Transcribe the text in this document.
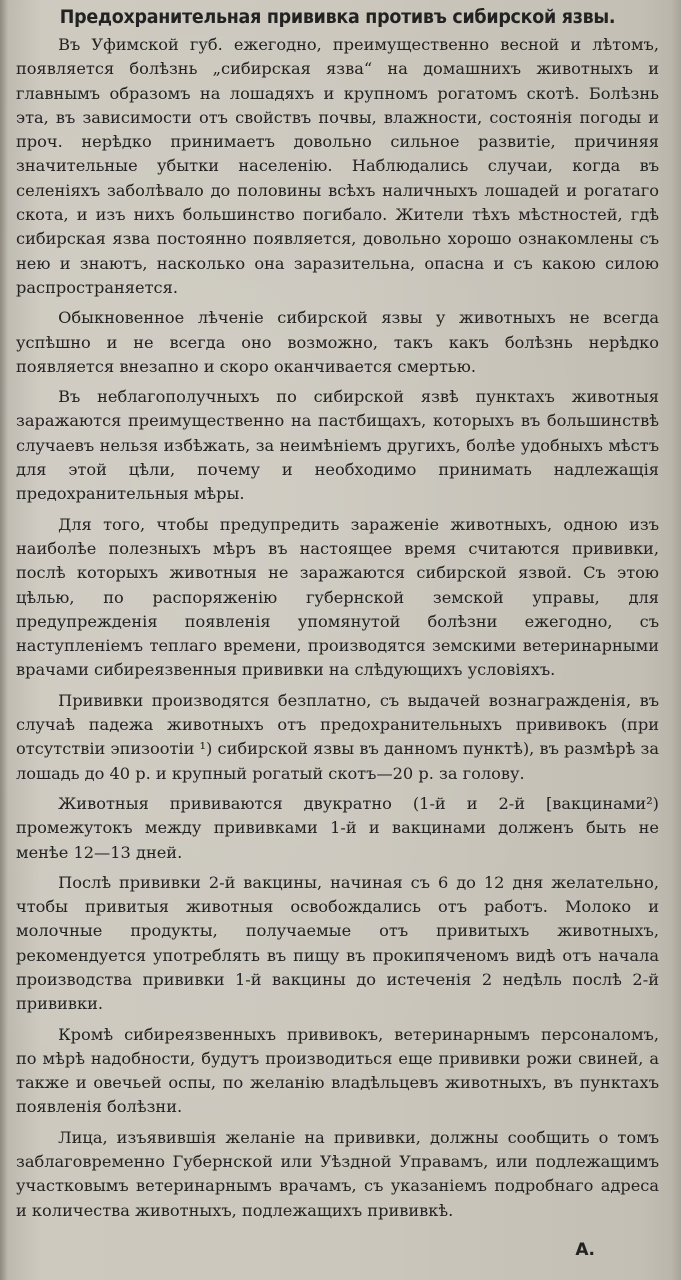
Предохранительная прививка противъ сибирской язвы.

Въ Уфимской губ. ежегодно, преимущественно весной и лѣтомъ, появляется болѣзнь „сибирская язва“ на домашнихъ животныхъ и главнымъ образомъ на лошадяхъ и крупномъ рогатомъ скотѣ. Болѣзнь эта, въ зависимости отъ свойствъ почвы, влажности, состоянія погоды и проч. нерѣдко принимаетъ довольно сильное развитіе, причиняя значительные убытки населенію. Наблюдались случаи, когда въ селеніяхъ заболѣвало до половины всѣхъ наличныхъ лошадей и рогатаго скота, и изъ нихъ большинство погибало. Жители тѣхъ мѣстностей, гдѣ сибирская язва постоянно появляется, довольно хорошо ознакомлены съ нею и знаютъ, насколько она заразительна, опасна и съ какою силою распространяется.

Обыкновенное лѣченіе сибирской язвы у животныхъ не всегда успѣшно и не всегда оно возможно, такъ какъ болѣзнь нерѣдко появляется внезапно и скоро оканчивается смертью.

Въ неблагополучныхъ по сибирской язвѣ пунктахъ животныя заражаются преимущественно на пастбищахъ, которыхъ въ большинствѣ случаевъ нельзя избѣжать, за неимѣніемъ другихъ, болѣе удобныхъ мѣстъ для этой цѣли, почему и необходимо принимать надлежащія предохранительныя мѣры.

Для того, чтобы предупредить зараженіе животныхъ, одною изъ наиболѣе полезныхъ мѣръ въ настоящее время считаются прививки, послѣ которыхъ животныя не заражаются сибирской язвой. Съ этою цѣлью, по распоряженію губернской земской управы, для предупрежденія появленія упомянутой болѣзни ежегодно, съ наступленіемъ теплаго времени, производятся земскими ветеринарными врачами сибиреязвенныя прививки на слѣдующихъ условіяхъ.

Прививки производятся безплатно, съ выдачей вознагражденія, въ случаѣ падежа животныхъ отъ предохранительныхъ прививокъ (при отсутствіи эпизоотіи ¹) сибирской язвы въ данномъ пунктѣ), въ размѣрѣ за лошадь до 40 р. и крупный рогатый скотъ—20 р. за голову.

Животныя прививаются двукратно (1-й и 2-й [вакцинами²) промежутокъ между прививками 1-й и вакцинами долженъ быть не менѣе 12—13 дней.

Послѣ прививки 2-й вакцины, начиная съ 6 до 12 дня желательно, чтобы привитыя животныя освобождались отъ работъ. Молоко и молочные продукты, получаемые отъ привитыхъ животныхъ, рекомендуется употреблять въ пищу въ прокипяченомъ видѣ отъ начала производства прививки 1-й вакцины до истеченія 2 недѣль послѣ 2-й прививки.

Кромѣ сибиреязвенныхъ прививокъ, ветеринарнымъ персоналомъ, по мѣрѣ надобности, будутъ производиться еще прививки рожи свиней, а также и овечьей оспы, по желанію владѣльцевъ животныхъ, въ пунктахъ появленія болѣзни.

Лица, изъявившія желаніе на прививки, должны сообщить о томъ заблаговременно Губернской или Уѣздной Управамъ, или подлежащимъ участковымъ ветеринарнымъ врачамъ, съ указаніемъ подробнаго адреса и количества животныхъ, подлежащихъ прививкѣ.

А.
